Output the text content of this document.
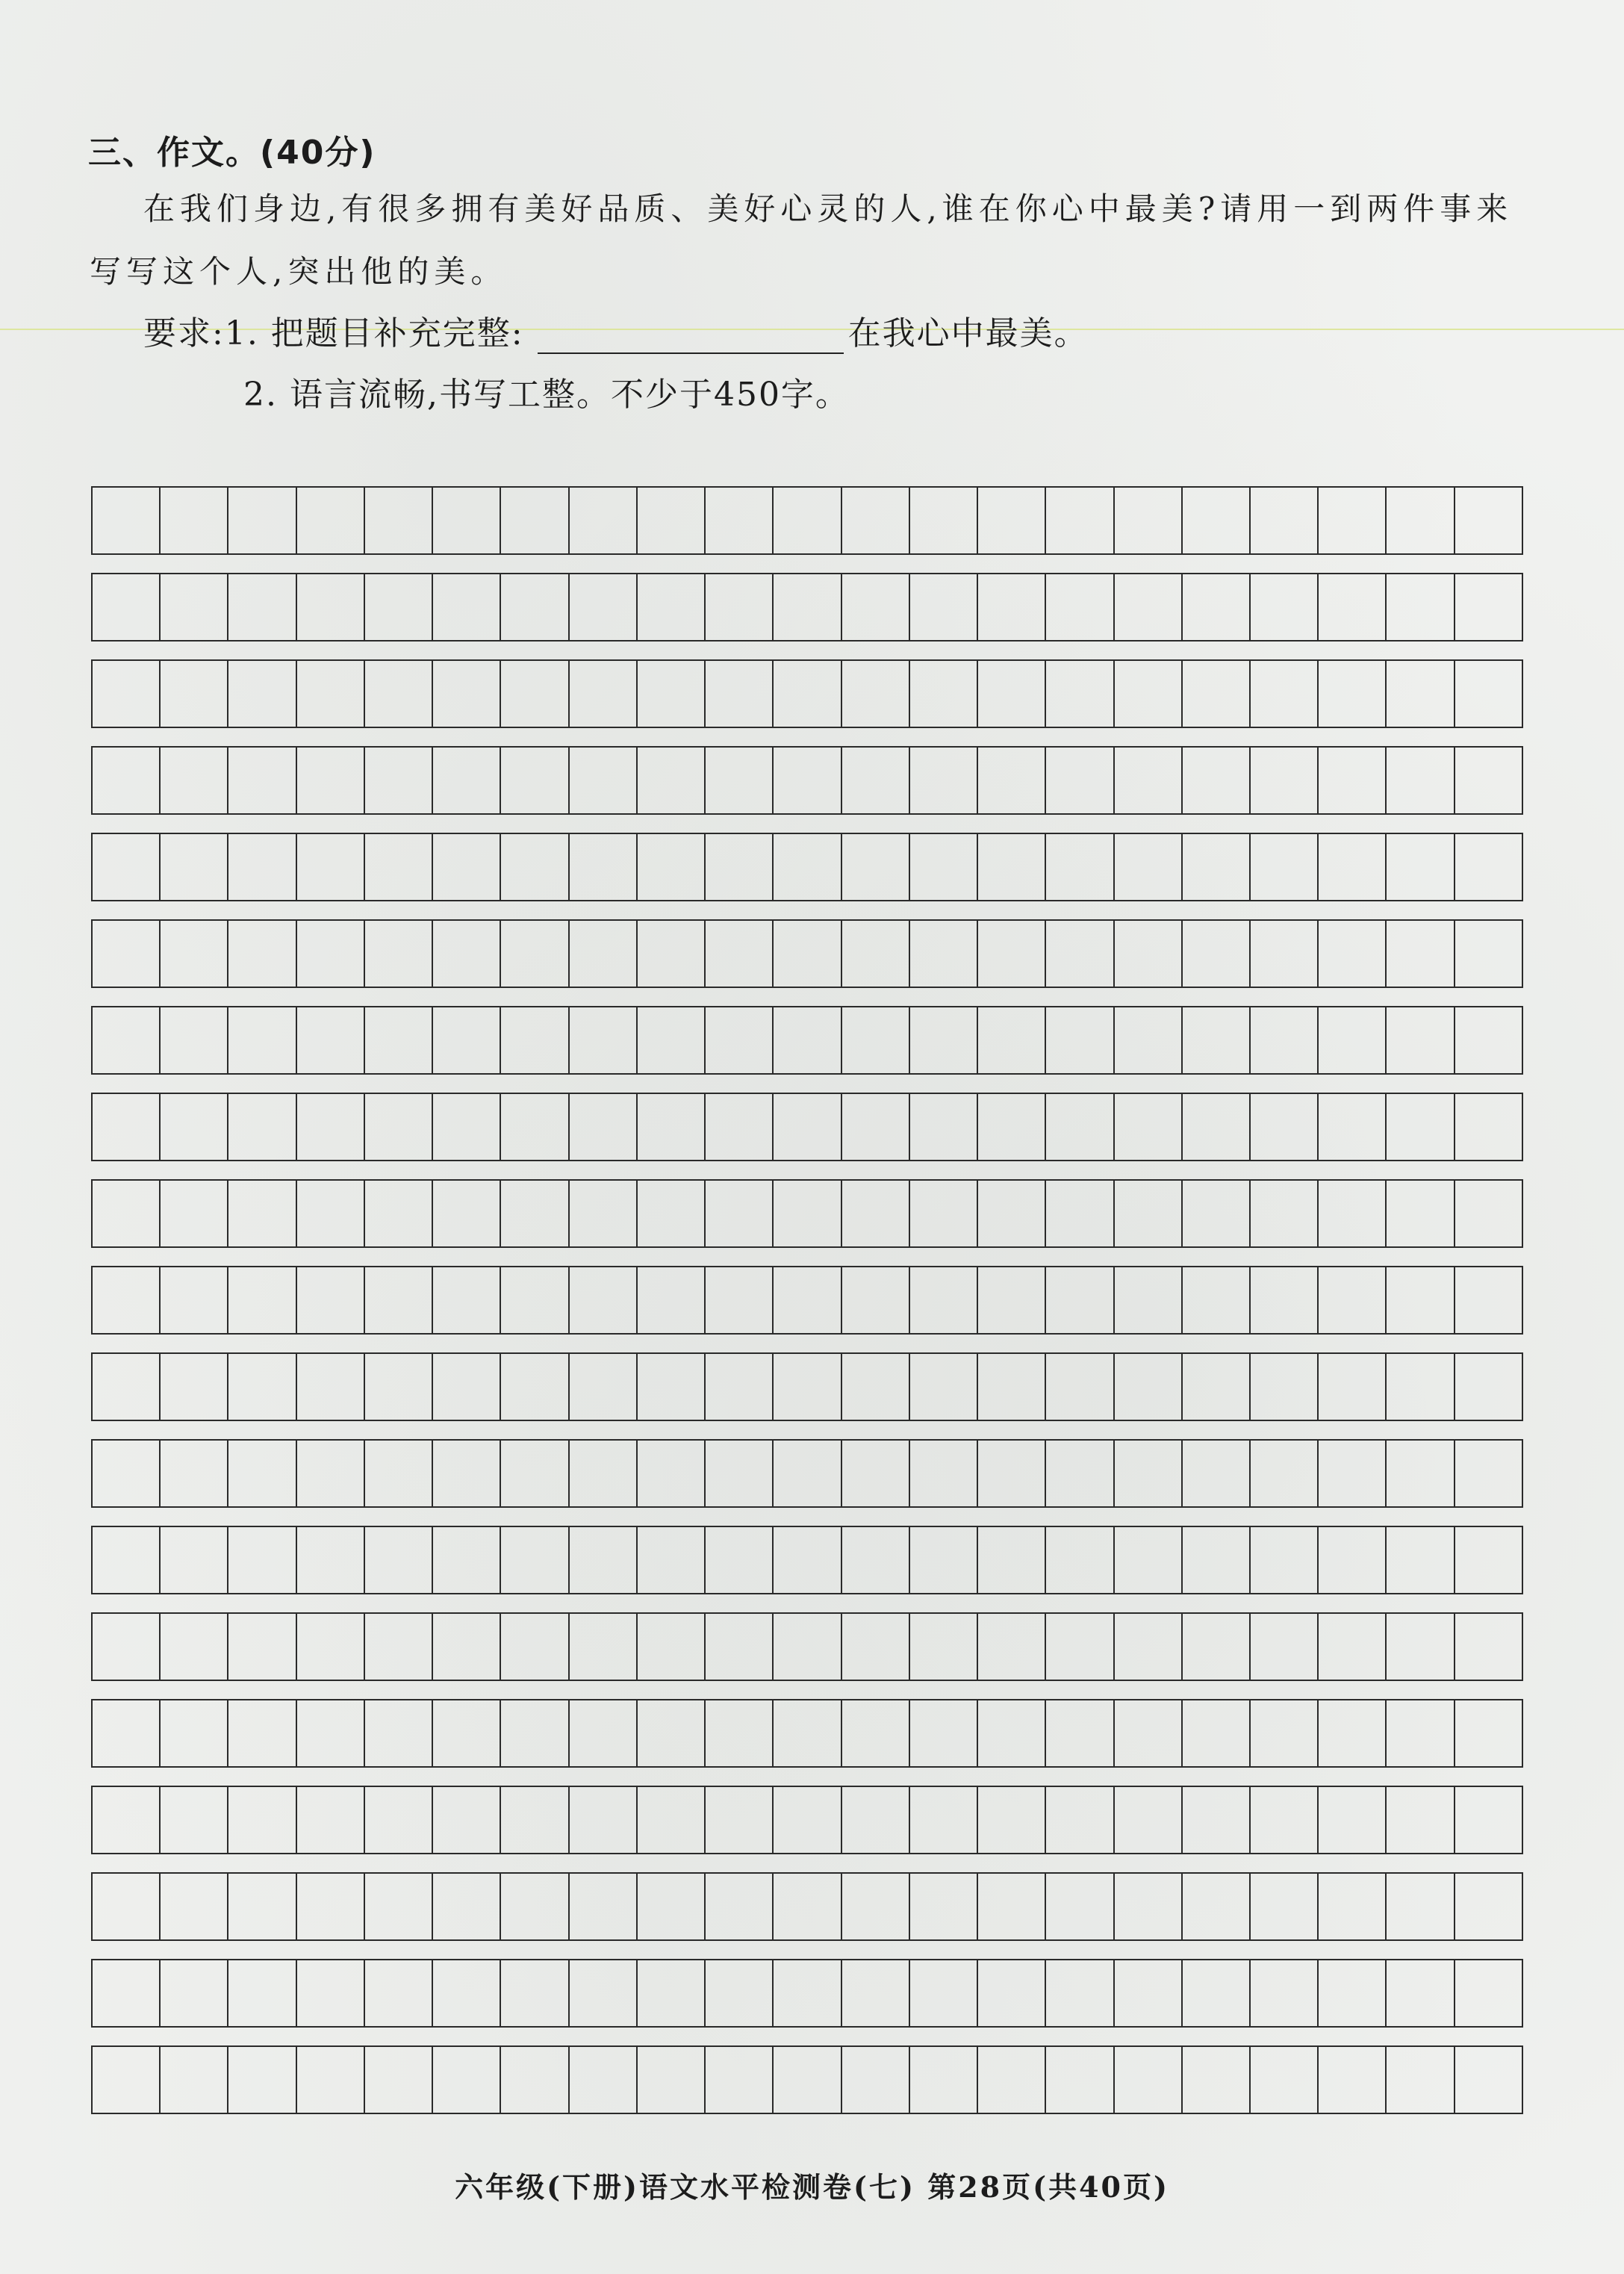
三、作文。(40分)
在我们身边,有很多拥有美好品质、美好心灵的人,谁在你心中最美?请用一到两件事来写写这个人,突出他的美。
要求:1. 把题目补充完整:	在我心中最美。
2. 语言流畅,书写工整。不少于450字。
六年级(下册)语文水平检测卷(七) 第28页(共40页)
